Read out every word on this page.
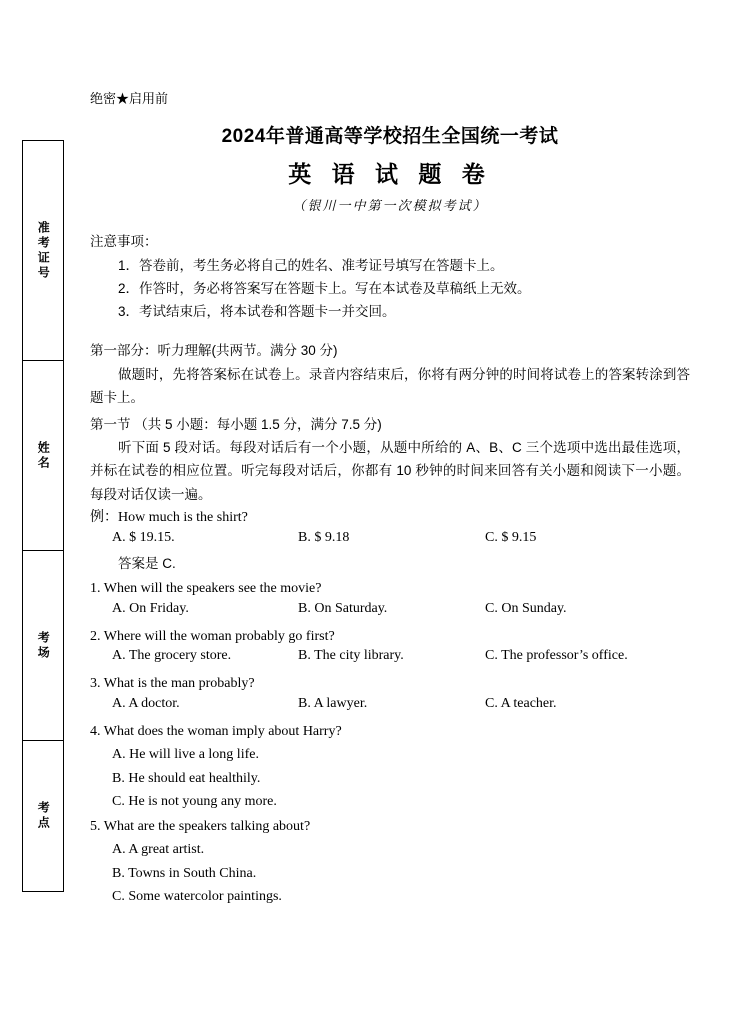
准考证号
姓名
考场
考点
绝密★启用前
2024年普通高等学校招生全国统一考试
英 语 试 题 卷
（银川一中第一次模拟考试）
注意事项：
1．答卷前，考生务必将自己的姓名、准考证号填写在答题卡上。
2．作答时，务必将答案写在答题卡上。写在本试卷及草稿纸上无效。
3．考试结束后，将本试卷和答题卡一并交回。
第一部分：听力理解(共两节。满分 30 分)
做题时，先将答案标在试卷上。录音内容结束后，你将有两分钟的时间将试卷上的答案转涂到答题卡上。
第一节 （共 5 小题：每小题 1.5 分，满分 7.5 分)
听下面 5 段对话。每段对话后有一个小题，从题中所给的 A、B、C 三个选项中选出最佳选项，并标在试卷的相应位置。听完每段对话后，你都有 10 秒钟的时间来回答有关小题和阅读下一小题。每段对话仅读一遍。
例：How much is the shirt?
A. $ 19.15.	B. $ 9.18	C. $ 9.15
答案是 C.
1. When will the speakers see the movie?
A. On Friday.	B. On Saturday.	C. On Sunday.
2. Where will the woman probably go first?
A. The grocery store.	B. The city library.	C. The professor’s office.
3. What is the man probably?
A. A doctor.	B. A lawyer.	C. A teacher.
4. What does the woman imply about Harry?
A. He will live a long life.
B. He should eat healthily.
C. He is not young any more.
5. What are the speakers talking about?
A. A great artist.
B. Towns in South China.
C. Some watercolor paintings.
